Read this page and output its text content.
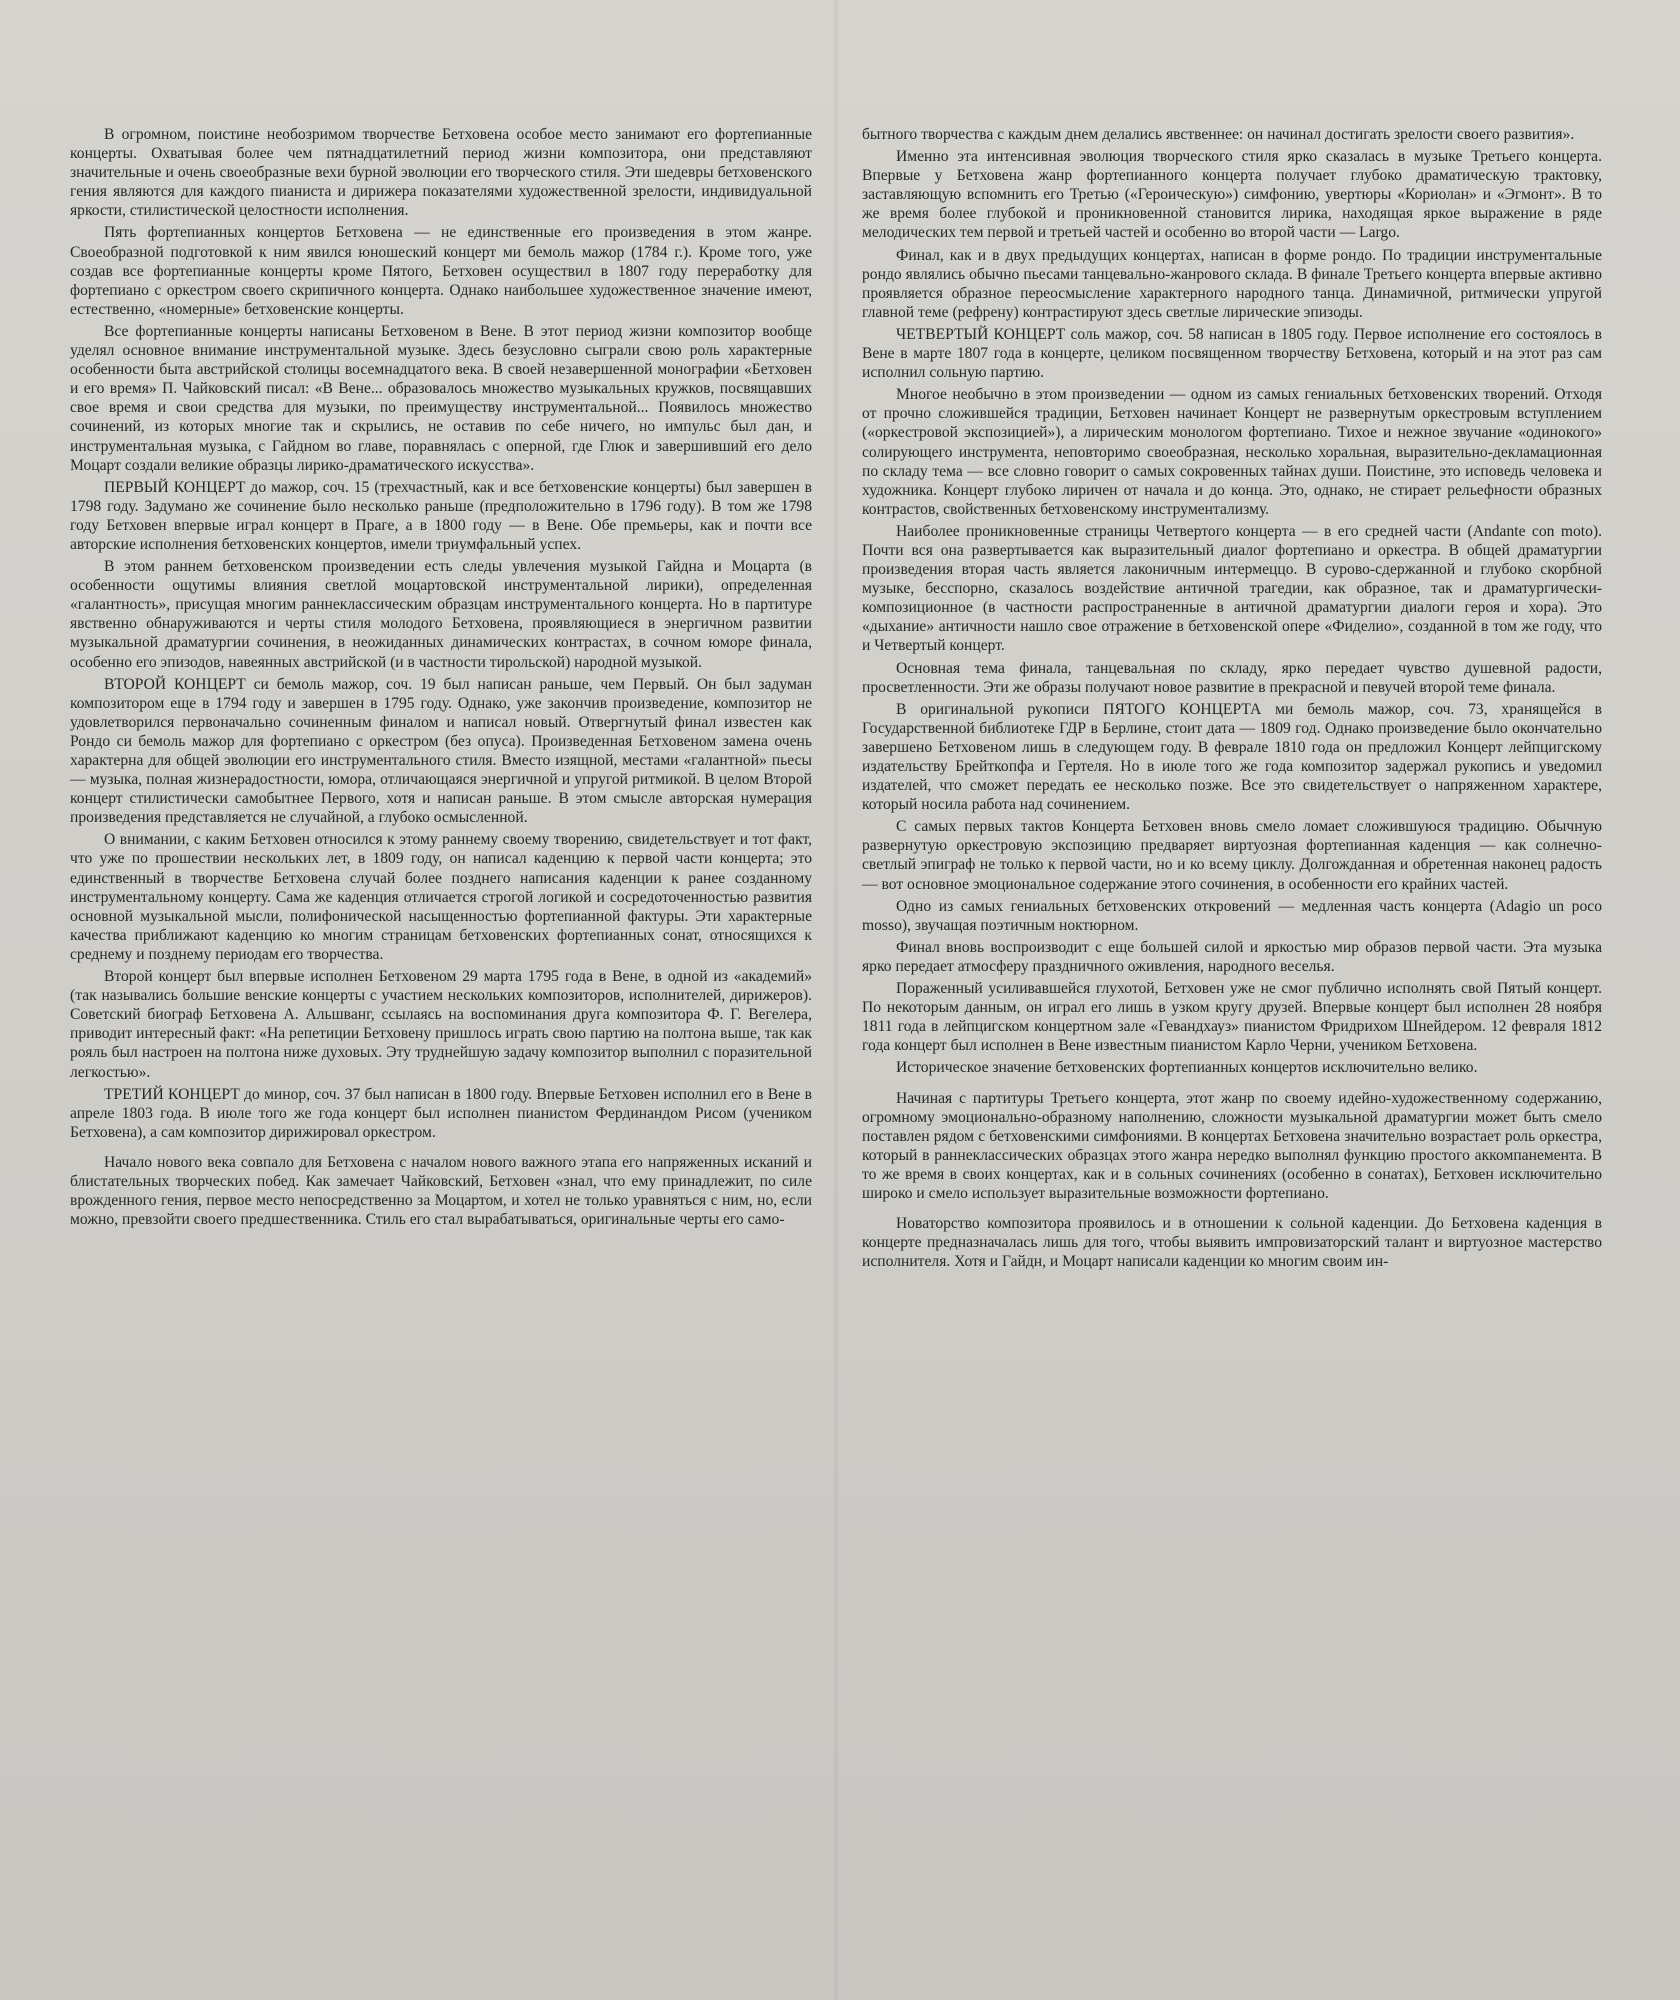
В огромном, поистине необозримом творчестве Бетховена особое место занимают его фортепианные концерты. Охватывая более чем пятнадцатилетний период жизни композитора, они представляют значительные и очень своеобразные вехи бурной эволюции его творческого стиля. Эти шедевры бетховенского гения являются для каждого пианиста и дирижера показателями художественной зрелости, индивидуальной яркости, стилистической целостности исполнения.

Пять фортепианных концертов Бетховена — не единственные его произведения в этом жанре. Своеобразной подготовкой к ним явился юношеский концерт ми бемоль мажор (1784 г.). Кроме того, уже создав все фортепианные концерты кроме Пятого, Бетховен осуществил в 1807 году переработку для фортепиано с оркестром своего скрипичного концерта. Однако наибольшее художественное значение имеют, естественно, «номерные» бетховенские концерты.

Все фортепианные концерты написаны Бетховеном в Вене. В этот период жизни композитор вообще уделял основное внимание инструментальной музыке. Здесь безусловно сыграли свою роль характерные особенности быта австрийской столицы восемнадцатого века. В своей незавершенной монографии «Бетховен и его время» П. Чайковский писал: «В Вене... образовалось множество музыкальных кружков, посвящавших свое время и свои средства для музыки, по преимуществу инструментальной... Появилось множество сочинений, из которых многие так и скрылись, не оставив по себе ничего, но импульс был дан, и инструментальная музыка, с Гайдном во главе, поравнялась с оперной, где Глюк и завершивший его дело Моцарт создали великие образцы лирико-драматического искусства».

ПЕРВЫЙ КОНЦЕРТ до мажор, соч. 15 (трехчастный, как и все бетховенские концерты) был завершен в 1798 году. Задумано же сочинение было несколько раньше (предположительно в 1796 году). В том же 1798 году Бетховен впервые играл концерт в Праге, а в 1800 году — в Вене. Обе премьеры, как и почти все авторские исполнения бетховенских концертов, имели триумфальный успех.

В этом раннем бетховенском произведении есть следы увлечения музыкой Гайдна и Моцарта (в особенности ощутимы влияния светлой моцартовской инструментальной лирики), определенная «галантность», присущая многим раннеклассическим образцам инструментального концерта. Но в партитуре явственно обнаруживаются и черты стиля молодого Бетховена, проявляющиеся в энергичном развитии музыкальной драматургии сочинения, в неожиданных динамических контрастах, в сочном юморе финала, особенно его эпизодов, навеянных австрийской (и в частности тирольской) народной музыкой.

ВТОРОЙ КОНЦЕРТ си бемоль мажор, соч. 19 был написан раньше, чем Первый. Он был задуман композитором еще в 1794 году и завершен в 1795 году. Однако, уже закончив произведение, композитор не удовлетворился первоначально сочиненным финалом и написал новый. Отвергнутый финал известен как Рондо си бемоль мажор для фортепиано с оркестром (без опуса). Произведенная Бетховеном замена очень характерна для общей эволюции его инструментального стиля. Вместо изящной, местами «галантной» пьесы — музыка, полная жизнерадостности, юмора, отличающаяся энергичной и упругой ритмикой. В целом Второй концерт стилистически самобытнее Первого, хотя и написан раньше. В этом смысле авторская нумерация произведения представляется не случайной, а глубоко осмысленной.

О внимании, с каким Бетховен относился к этому раннему своему творению, свидетельствует и тот факт, что уже по прошествии нескольких лет, в 1809 году, он написал каденцию к первой части концерта; это единственный в творчестве Бетховена случай более позднего написания каденции к ранее созданному инструментальному концерту. Сама же каденция отличается строгой логикой и сосредоточенностью развития основной музыкальной мысли, полифонической насыщенностью фортепианной фактуры. Эти характерные качества приближают каденцию ко многим страницам бетховенских фортепианных сонат, относящихся к среднему и позднему периодам его творчества.

Второй концерт был впервые исполнен Бетховеном 29 марта 1795 года в Вене, в одной из «академий» (так назывались большие венские концерты с участием нескольких композиторов, исполнителей, дирижеров). Советский биограф Бетховена А. Альшванг, ссылаясь на воспоминания друга композитора Ф. Г. Вегелера, приводит интересный факт: «На репетиции Бетховену пришлось играть свою партию на полтона выше, так как рояль был настроен на полтона ниже духовых. Эту труднейшую задачу композитор выполнил с поразительной легкостью».

ТРЕТИЙ КОНЦЕРТ до минор, соч. 37 был написан в 1800 году. Впервые Бетховен исполнил его в Вене в апреле 1803 года. В июле того же года концерт был исполнен пианистом Фердинандом Рисом (учеником Бетховена), а сам композитор дирижировал оркестром.

Начало нового века совпало для Бетховена с началом нового важного этапа его напряженных исканий и блистательных творческих побед. Как замечает Чайковский, Бетховен «знал, что ему принадлежит, по силе врожденного гения, первое место непосредственно за Моцартом, и хотел не только уравняться с ним, но, если можно, превзойти своего предшественника. Стиль его стал вырабатываться, оригинальные черты его само-

бытного творчества с каждым днем делались явственнее: он начинал достигать зрелости своего развития».

Именно эта интенсивная эволюция творческого стиля ярко сказалась в музыке Третьего концерта. Впервые у Бетховена жанр фортепианного концерта получает глубоко драматическую трактовку, заставляющую вспомнить его Третью («Героическую») симфонию, увертюры «Кориолан» и «Эгмонт». В то же время более глубокой и проникновенной становится лирика, находящая яркое выражение в ряде мелодических тем первой и третьей частей и особенно во второй части — Largo.

Финал, как и в двух предыдущих концертах, написан в форме рондо. По традиции инструментальные рондо являлись обычно пьесами танцевально-жанрового склада. В финале Третьего концерта впервые активно проявляется образное переосмысление характерного народного танца. Динамичной, ритмически упругой главной теме (рефрену) контрастируют здесь светлые лирические эпизоды.

ЧЕТВЕРТЫЙ КОНЦЕРТ соль мажор, соч. 58 написан в 1805 году. Первое исполнение его состоялось в Вене в марте 1807 года в концерте, целиком посвященном творчеству Бетховена, который и на этот раз сам исполнил сольную партию.

Многое необычно в этом произведении — одном из самых гениальных бетховенских творений. Отходя от прочно сложившейся традиции, Бетховен начинает Концерт не развернутым оркестровым вступлением («оркестровой экспозицией»), а лирическим монологом фортепиано. Тихое и нежное звучание «одинокого» солирующего инструмента, неповторимо своеобразная, несколько хоральная, выразительно-декламационная по складу тема — все словно говорит о самых сокровенных тайнах души. Поистине, это исповедь человека и художника. Концерт глубоко лиричен от начала и до конца. Это, однако, не стирает рельефности образных контрастов, свойственных бетховенскому инструментализму.

Наиболее проникновенные страницы Четвертого концерта — в его средней части (Andante con moto). Почти вся она развертывается как выразительный диалог фортепиано и оркестра. В общей драматургии произведения вторая часть является лаконичным интермеццо. В сурово-сдержанной и глубоко скорбной музыке, бесспорно, сказалось воздействие античной трагедии, как образное, так и драматургически-композиционное (в частности распространенные в античной драматургии диалоги героя и хора). Это «дыхание» античности нашло свое отражение в бетховенской опере «Фиделио», созданной в том же году, что и Четвертый концерт.

Основная тема финала, танцевальная по складу, ярко передает чувство душевной радости, просветленности. Эти же образы получают новое развитие в прекрасной и певучей второй теме финала.

В оригинальной рукописи ПЯТОГО КОНЦЕРТА ми бемоль мажор, соч. 73, хранящейся в Государственной библиотеке ГДР в Берлине, стоит дата — 1809 год. Однако произведение было окончательно завершено Бетховеном лишь в следующем году. В феврале 1810 года он предложил Концерт лейпцигскому издательству Брейткопфа и Гертеля. Но в июле того же года композитор задержал рукопись и уведомил издателей, что сможет передать ее несколько позже. Все это свидетельствует о напряженном характере, который носила работа над сочинением.

С самых первых тактов Концерта Бетховен вновь смело ломает сложившуюся традицию. Обычную развернутую оркестровую экспозицию предваряет виртуозная фортепианная каденция — как солнечно-светлый эпиграф не только к первой части, но и ко всему циклу. Долгожданная и обретенная наконец радость — вот основное эмоциональное содержание этого сочинения, в особенности его крайних частей.

Одно из самых гениальных бетховенских откровений — медленная часть концерта (Adagio un poco mosso), звучащая поэтичным ноктюрном.

Финал вновь воспроизводит с еще большей силой и яркостью мир образов первой части. Эта музыка ярко передает атмосферу праздничного оживления, народного веселья.

Пораженный усиливавшейся глухотой, Бетховен уже не смог публично исполнять свой Пятый концерт. По некоторым данным, он играл его лишь в узком кругу друзей. Впервые концерт был исполнен 28 ноября 1811 года в лейпцигском концертном зале «Гевандхауз» пианистом Фридрихом Шнейдером. 12 февраля 1812 года концерт был исполнен в Вене известным пианистом Карло Черни, учеником Бетховена.

Историческое значение бетховенских фортепианных концертов исключительно велико.

Начиная с партитуры Третьего концерта, этот жанр по своему идейно-художественному содержанию, огромному эмоционально-образному наполнению, сложности музыкальной драматургии может быть смело поставлен рядом с бетховенскими симфониями. В концертах Бетховена значительно возрастает роль оркестра, который в раннеклассических образцах этого жанра нередко выполнял функцию простого аккомпанемента. В то же время в своих концертах, как и в сольных сочинениях (особенно в сонатах), Бетховен исключительно широко и смело использует выразительные возможности фортепиано.

Новаторство композитора проявилось и в отношении к сольной каденции. До Бетховена каденция в концерте предназначалась лишь для того, чтобы выявить импровизаторский талант и виртуозное мастерство исполнителя. Хотя и Гайдн, и Моцарт написали каденции ко многим своим ин-
